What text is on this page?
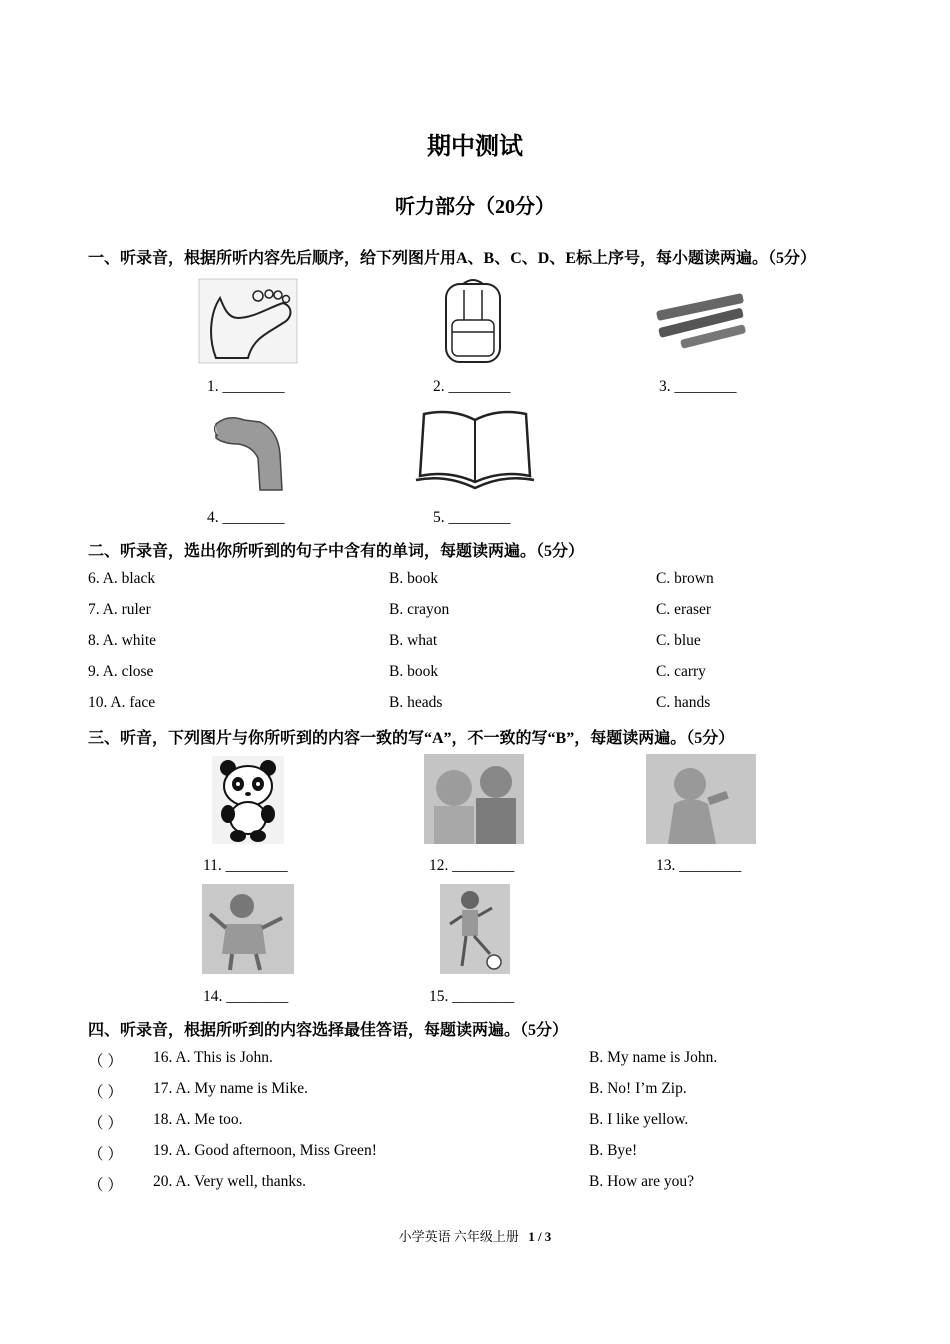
期中测试
听力部分（20分）
一、听录音，根据所听内容先后顺序，给下列图片用A、B、C、D、E标上序号，每小题读两遍。（5分）
1. ________	2. ________	3. ________
4. ________	5. ________
二、听录音，选出你所听到的句子中含有的单词，每题读两遍。（5分）
6. A. black	B. book	C. brown
7. A. ruler	B. crayon	C. eraser
8. A. white	B. what	C. blue
9. A. close	B. book	C. carry
10. A. face	B. heads	C. hands
三、听音，下列图片与你所听到的内容一致的写“A”，不一致的写“B”，每题读两遍。（5分）
11. ________	12. ________	13. ________
14. ________	15. ________
四、听录音，根据所听到的内容选择最佳答语，每题读两遍。（5分）
（ ） 16. A. This is John.	B. My name is John.
（ ） 17. A. My name is Mike.	B. No! I’m Zip.
（ ） 18. A. Me too.	B. I like yellow.
（ ） 19. A. Good afternoon, Miss Green!	B. Bye!
（ ） 20. A. Very well, thanks.	B. How are you?
小学英语 六年级上册 1 / 3
